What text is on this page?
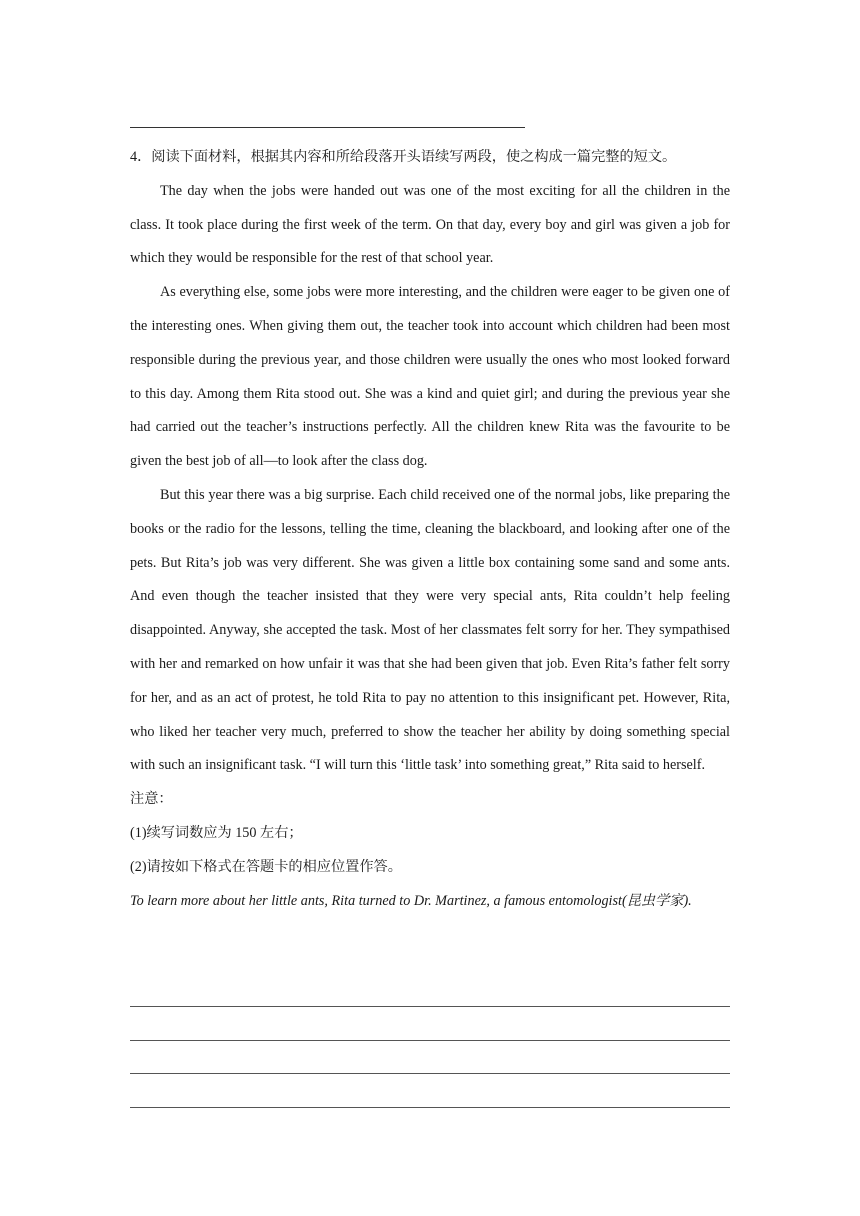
4．阅读下面材料，根据其内容和所给段落开头语续写两段，使之构成一篇完整的短文。

The day when the jobs were handed out was one of the most exciting for all the children in the class. It took place during the first week of the term. On that day, every boy and girl was given a job for which they would be responsible for the rest of that school year.

As everything else, some jobs were more interesting, and the children were eager to be given one of the interesting ones. When giving them out, the teacher took into account which children had been most responsible during the previous year, and those children were usually the ones who most looked forward to this day. Among them Rita stood out. She was a kind and quiet girl; and during the previous year she had carried out the teacher’s instructions perfectly. All the children knew Rita was the favourite to be given the best job of all—to look after the class dog.

But this year there was a big surprise. Each child received one of the normal jobs, like preparing the books or the radio for the lessons, telling the time, cleaning the blackboard, and looking after one of the pets. But Rita’s job was very different. She was given a little box containing some sand and some ants. And even though the teacher insisted that they were very special ants, Rita couldn’t help feeling disappointed. Anyway, she accepted the task. Most of her classmates felt sorry for her. They sympathised with her and remarked on how unfair it was that she had been given that job. Even Rita’s father felt sorry for her, and as an act of protest, he told Rita to pay no attention to this insignificant pet. However, Rita, who liked her teacher very much, preferred to show the teacher her ability by doing something special with such an insignificant task. “I will turn this ‘little task’ into something great,” Rita said to herself.

注意：

(1)续写词数应为 150 左右；

(2)请按如下格式在答题卡的相应位置作答。

To learn more about her little ants, Rita turned to Dr. Martinez, a famous entomologist(昆虫学家).
